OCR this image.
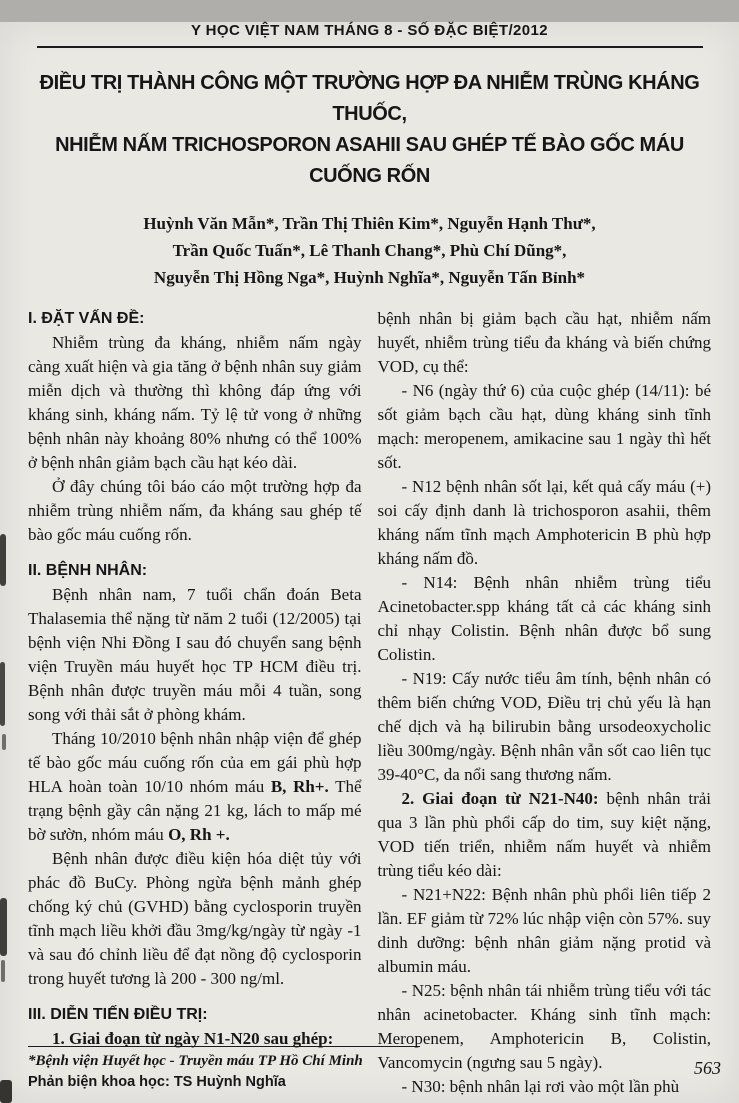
Y HỌC VIỆT NAM THÁNG 8 - SỐ ĐẶC BIỆT/2012
ĐIỀU TRỊ THÀNH CÔNG MỘT TRƯỜNG HỢP ĐA NHIỄM TRÙNG KHÁNG THUỐC,
NHIỄM NẤM TRICHOSPORON ASAHII SAU GHÉP TẾ BÀO GỐC MÁU CUỐNG RỐN
Huỳnh Văn Mẫn*, Trần Thị Thiên Kim*, Nguyễn Hạnh Thư*,
Trần Quốc Tuấn*, Lê Thanh Chang*, Phù Chí Dũng*,
Nguyễn Thị Hồng Nga*, Huỳnh Nghĩa*, Nguyễn Tấn Bỉnh*
I. ĐẶT VẤN ĐỀ:

Nhiễm trùng đa kháng, nhiễm nấm ngày càng xuất hiện và gia tăng ở bệnh nhân suy giảm miễn dịch và thường thì không đáp ứng với kháng sinh, kháng nấm. Tỷ lệ tử vong ở những bệnh nhân này khoảng 80% nhưng có thể 100% ở bệnh nhân giảm bạch cầu hạt kéo dài.

Ở đây chúng tôi báo cáo một trường hợp đa nhiễm trùng nhiễm nấm, đa kháng sau ghép tế bào gốc máu cuống rốn.

II. BỆNH NHÂN:

Bệnh nhân nam, 7 tuổi chẩn đoán Beta Thalasemia thể nặng từ năm 2 tuổi (12/2005) tại bệnh viện Nhi Đồng I sau đó chuyển sang bệnh viện Truyền máu huyết học TP HCM điều trị. Bệnh nhân được truyền máu mỗi 4 tuần, song song với thải sắt ở phòng khám.

Tháng 10/2010 bệnh nhân nhập viện để ghép tế bào gốc máu cuống rốn của em gái phù hợp HLA hoàn toàn 10/10 nhóm máu B, Rh+. Thể trạng bệnh gầy cân nặng 21 kg, lách to mấp mé bờ sườn, nhóm máu O, Rh +.

Bệnh nhân được điều kiện hóa diệt tủy với phác đồ BuCy. Phòng ngừa bệnh mảnh ghép chống ký chủ (GVHD) bằng cyclosporin truyền tĩnh mạch liều khởi đầu 3mg/kg/ngày từ ngày -1 và sau đó chỉnh liều để đạt nồng độ cyclosporin trong huyết tương là 200 - 300 ng/ml.

III. DIỄN TIẾN ĐIỀU TRỊ:

1. Giai đoạn từ ngày N1-N20 sau ghép:

bệnh nhân bị giảm bạch cầu hạt, nhiễm nấm huyết, nhiễm trùng tiểu đa kháng và biến chứng VOD, cụ thể:

- N6 (ngày thứ 6) của cuộc ghép (14/11): bé sốt giảm bạch cầu hạt, dùng kháng sinh tĩnh mạch: meropenem, amikacine sau 1 ngày thì hết sốt.

- N12 bệnh nhân sốt lại, kết quả cấy máu (+) soi cấy định danh là trichosporon asahii, thêm kháng nấm tĩnh mạch Amphotericin B phù hợp kháng nấm đồ.

- N14: Bệnh nhân nhiễm trùng tiểu Acinetobacter.spp kháng tất cả các kháng sinh chỉ nhạy Colistin. Bệnh nhân được bổ sung Colistin.

- N19: Cấy nước tiểu âm tính, bệnh nhân có thêm biến chứng VOD, Điều trị chủ yếu là hạn chế dịch và hạ bilirubin bằng ursodeoxycholic liều 300mg/ngày. Bệnh nhân vẫn sốt cao liên tục 39-40°C, da nổi sang thương nấm.

2. Giai đoạn từ N21-N40: bệnh nhân trải qua 3 lần phù phổi cấp do tim, suy kiệt nặng, VOD tiến triển, nhiễm nấm huyết và nhiễm trùng tiểu kéo dài:

- N21+N22: Bệnh nhân phù phổi liên tiếp 2 lần. EF giảm từ 72% lúc nhập viện còn 57%. suy dinh dưỡng: bệnh nhân giảm nặng protid và albumin máu.

- N25: bệnh nhân tái nhiễm trùng tiểu với tác nhân acinetobacter. Kháng sinh tĩnh mạch: Meropenem, Amphotericin B, Colistin, Vancomycin (ngưng sau 5 ngày).

- N30: bệnh nhân lại rơi vào một lần phù

*Bệnh viện Huyết học - Truyền máu TP Hồ Chí Minh
Phản biện khoa học: TS Huỳnh Nghĩa
563
